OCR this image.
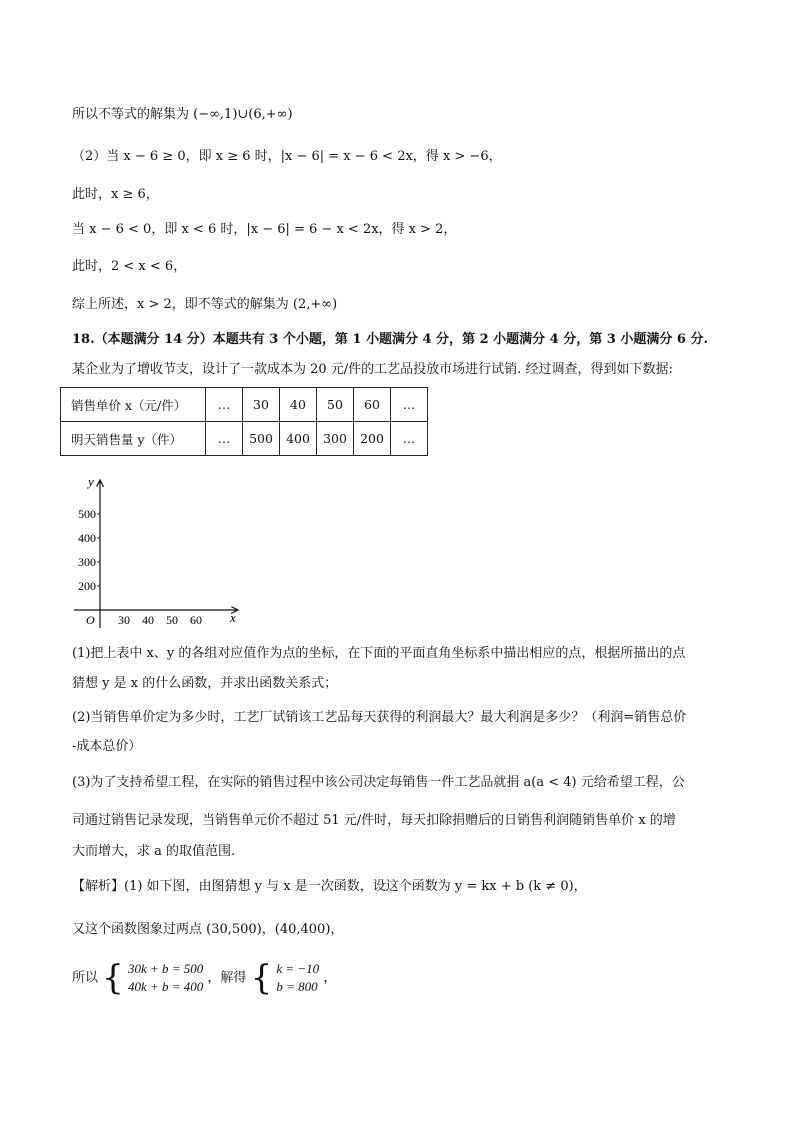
所以不等式的解集为 (−∞,1)∪(6,+∞)
（2）当 x − 6 ≥ 0，即 x ≥ 6 时，|x − 6| = x − 6 < 2x，得 x > −6，
此时，x ≥ 6，
当 x − 6 < 0，即 x < 6 时，|x − 6| = 6 − x < 2x，得 x > 2，
此时，2 < x < 6，
综上所述，x > 2，即不等式的解集为 (2,+∞)
18.（本题满分 14 分）本题共有 3 个小题，第 1 小题满分 4 分，第 2 小题满分 4 分，第 3 小题满分 6 分.
某企业为了增收节支，设计了一款成本为 20 元/件的工艺品投放市场进行试销. 经过调查，得到如下数据:
销售单价 x（元/件）	…	30	40	50	60	…
明天销售量 y（件）	…	500	400	300	200	…
y
x
O
500
400
300
200
30 40 50 60
(1)把上表中 x、y 的各组对应值作为点的坐标，在下面的平面直角坐标系中描出相应的点，根据所描出的点
猜想 y 是 x 的什么函数，并求出函数关系式；
(2)当销售单价定为多少时，工艺厂试销该工艺品每天获得的利润最大？最大利润是多少？（利润=销售总价
-成本总价）
(3)为了支持希望工程，在实际的销售过程中该公司决定每销售一件工艺品就捐 a(a < 4) 元给希望工程，公
司通过销售记录发现，当销售单元价不超过 51 元/件时，每天扣除捐赠后的日销售利润随销售单价 x 的增
大而增大，求 a 的取值范围.
【解析】(1) 如下图，由图猜想 y 与 x 是一次函数，设这个函数为 y = kx + b (k ≠ 0)，
又这个函数图象过两点 (30,500)，(40,400)，
所以 { 30k + b = 500
40k + b = 400
，解得 { k = −10
b = 800
，
